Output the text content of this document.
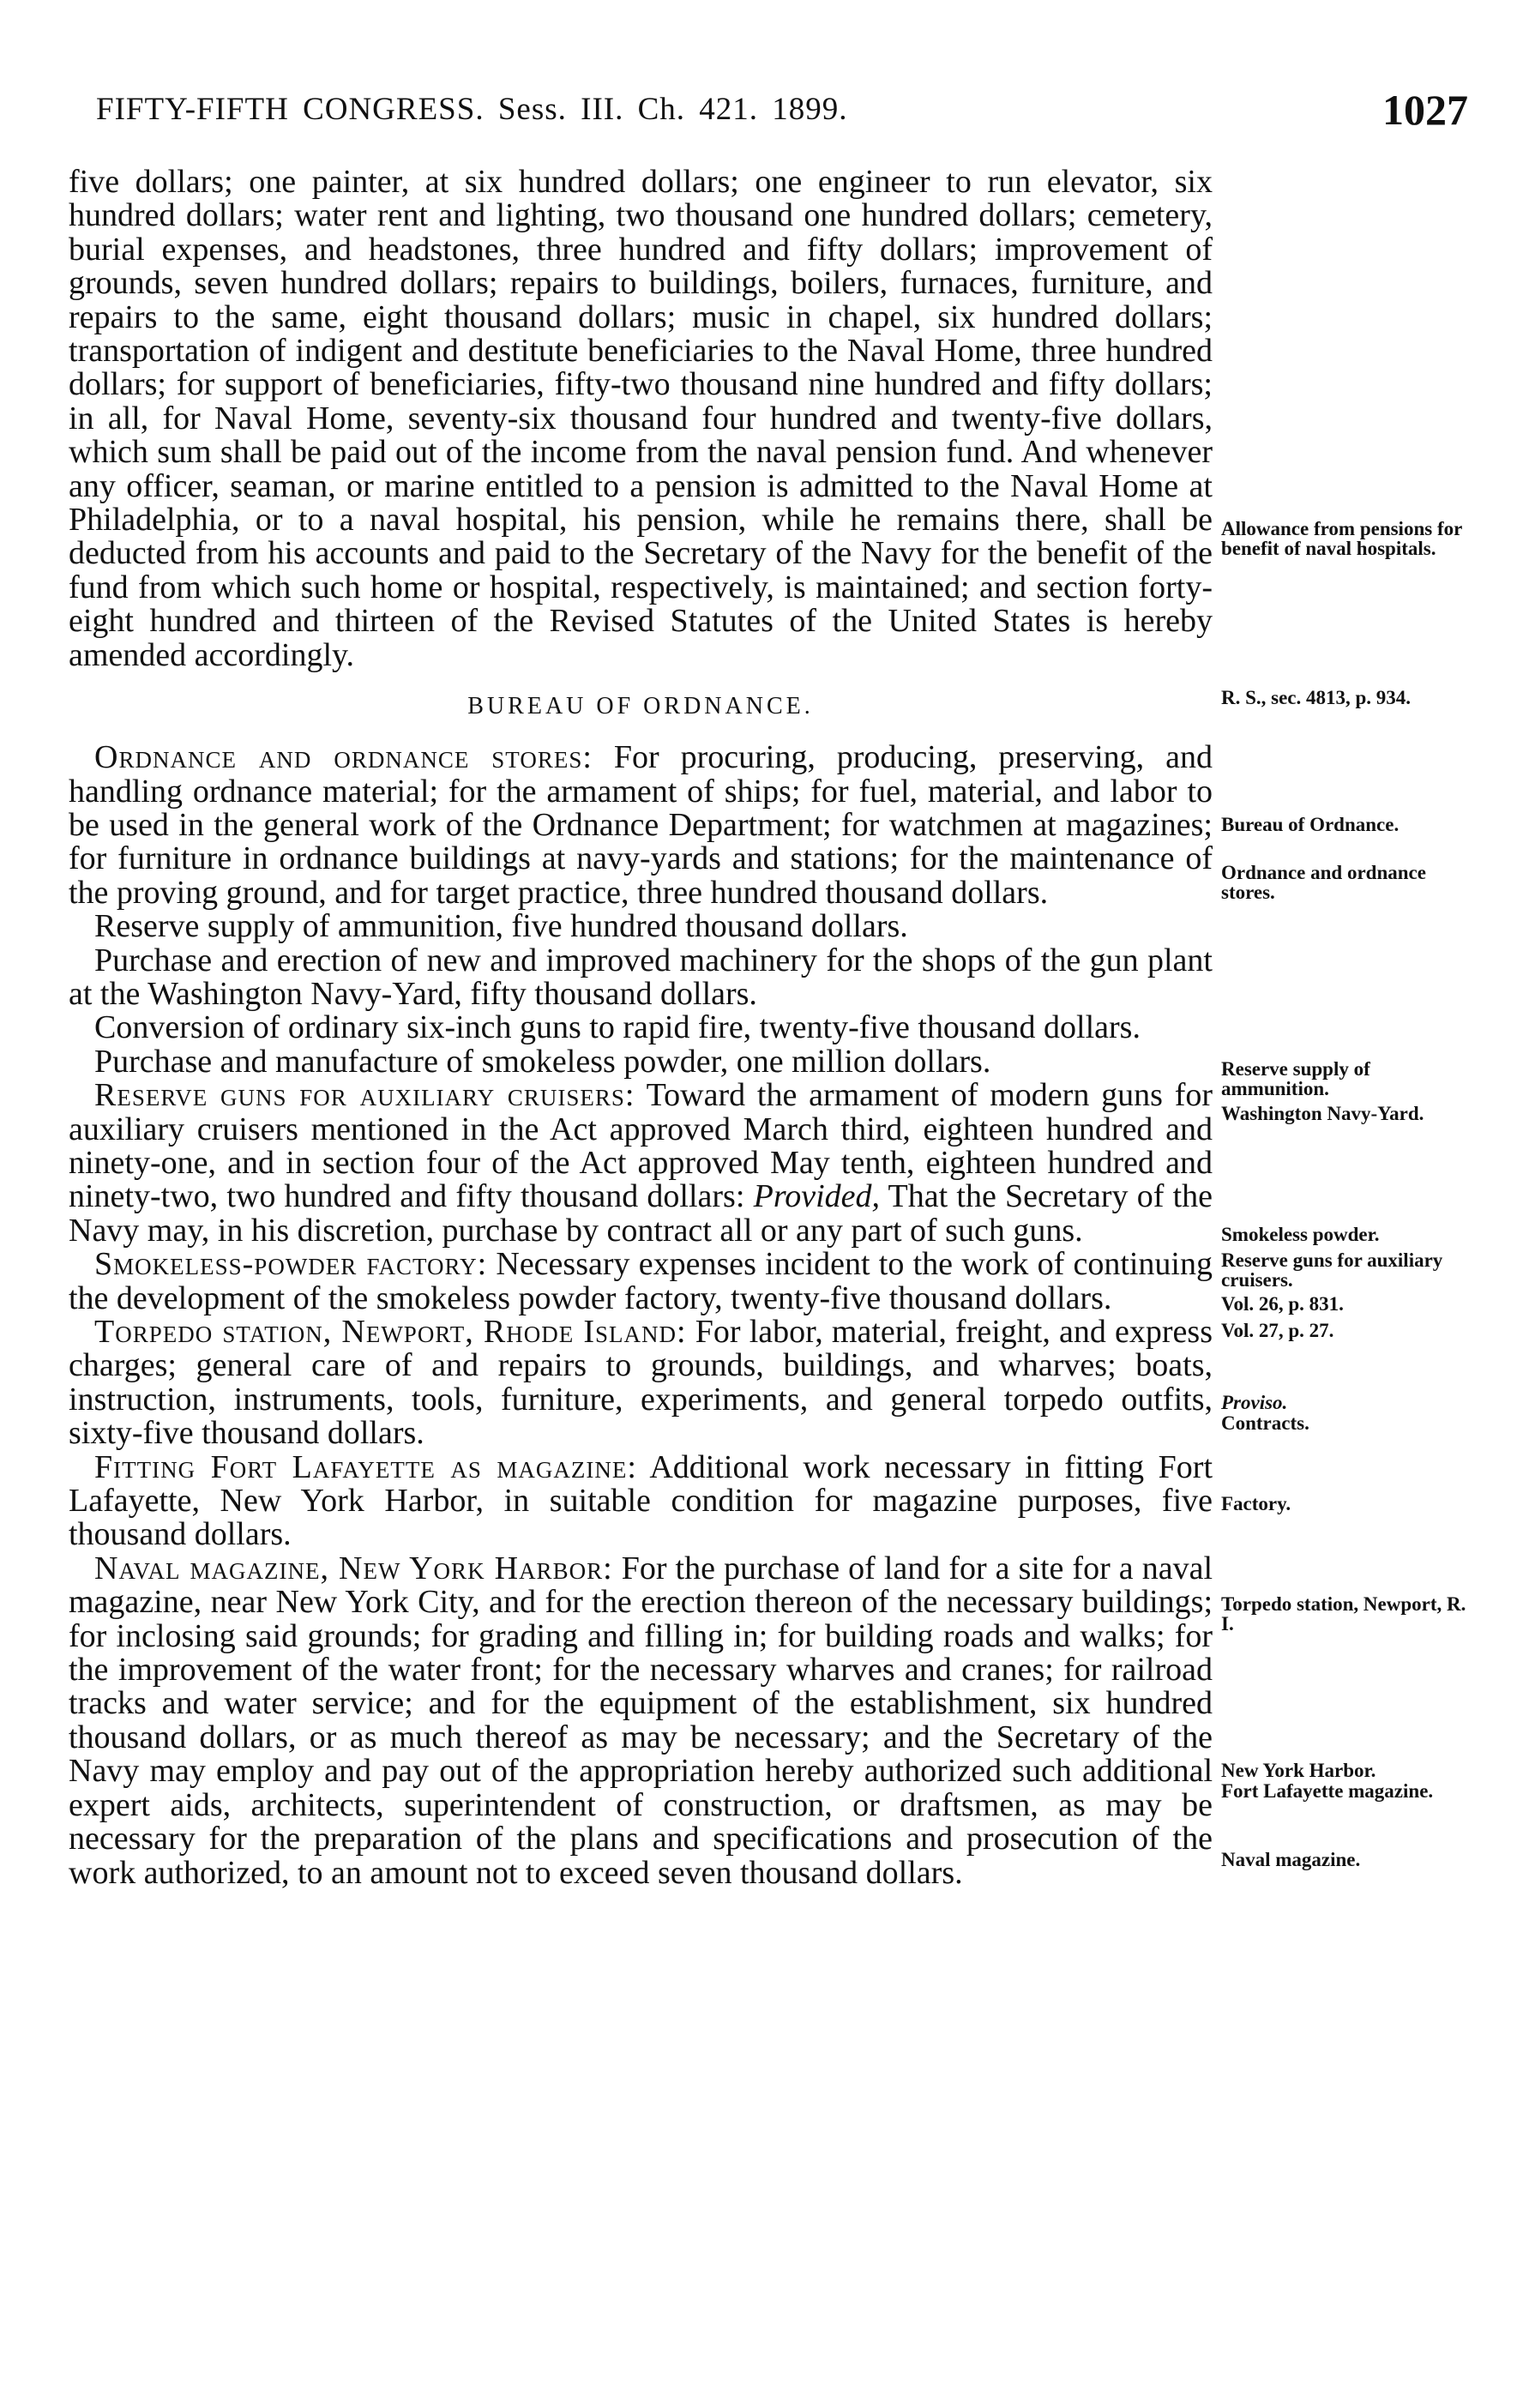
FIFTY-FIFTH CONGRESS. Sess. III. Ch. 421. 1899.	1027

five dollars; one painter, at six hundred dollars; one engineer to run elevator, six hundred dollars; water rent and lighting, two thousand one hundred dollars; cemetery, burial expenses, and headstones, three hundred and fifty dollars; improvement of grounds, seven hundred dollars; repairs to buildings, boilers, furnaces, furniture, and repairs to the same, eight thousand dollars; music in chapel, six hundred dollars; transportation of indigent and destitute beneficiaries to the Naval Home, three hundred dollars; for support of beneficiaries, fifty-two thousand nine hundred and fifty dollars; in all, for Naval Home, seventy-six thousand four hundred and twenty-five dollars, which sum shall be paid out of the income from the naval pension fund. And whenever any officer, seaman, or marine entitled to a pension is admitted to the Naval Home at Philadelphia, or to a naval hospital, his pension, while he remains there, shall be deducted from his accounts and paid to the Secretary of the Navy for the benefit of the fund from which such home or hospital, respectively, is maintained; and section forty-eight hundred and thirteen of the Revised Statutes of the United States is hereby amended accordingly.

BUREAU OF ORDNANCE.

Ordnance and ordnance stores: For procuring, producing, preserving, and handling ordnance material; for the armament of ships; for fuel, material, and labor to be used in the general work of the Ordnance Department; for watchmen at magazines; for furniture in ordnance buildings at navy-yards and stations; for the maintenance of the proving ground, and for target practice, three hundred thousand dollars.

Reserve supply of ammunition, five hundred thousand dollars.

Purchase and erection of new and improved machinery for the shops of the gun plant at the Washington Navy-Yard, fifty thousand dollars.

Conversion of ordinary six-inch guns to rapid fire, twenty-five thousand dollars.

Purchase and manufacture of smokeless powder, one million dollars.

Reserve guns for auxiliary cruisers: Toward the armament of modern guns for auxiliary cruisers mentioned in the Act approved March third, eighteen hundred and ninety-one, and in section four of the Act approved May tenth, eighteen hundred and ninety-two, two hundred and fifty thousand dollars: Provided, That the Secretary of the Navy may, in his discretion, purchase by contract all or any part of such guns.

Smokeless-powder factory: Necessary expenses incident to the work of continuing the development of the smokeless powder factory, twenty-five thousand dollars.

Torpedo station, Newport, Rhode Island: For labor, material, freight, and express charges; general care of and repairs to grounds, buildings, and wharves; boats, instruction, instruments, tools, furniture, experiments, and general torpedo outfits, sixty-five thousand dollars.

Fitting Fort Lafayette as magazine: Additional work necessary in fitting Fort Lafayette, New York Harbor, in suitable condition for magazine purposes, five thousand dollars.

Naval magazine, New York Harbor: For the purchase of land for a site for a naval magazine, near New York City, and for the erection thereon of the necessary buildings; for inclosing said grounds; for grading and filling in; for building roads and walks; for the improvement of the water front; for the necessary wharves and cranes; for railroad tracks and water service; and for the equipment of the establishment, six hundred thousand dollars, or as much thereof as may be necessary; and the Secretary of the Navy may employ and pay out of the appropriation hereby authorized such additional expert aids, architects, superintendent of construction, or draftsmen, as may be necessary for the preparation of the plans and specifications and prosecution of the work authorized, to an amount not to exceed seven thousand dollars.

Allowance from pensions for benefit of naval hospitals.
R. S., sec. 4813, p. 934.
Bureau of Ordnance.
Ordnance and ordnance stores.
Reserve supply of ammunition.
Washington Navy-Yard.
Smokeless powder.
Reserve guns for auxiliary cruisers.
Vol. 26, p. 831.
Vol. 27, p. 27.
Proviso.
Contracts.
Factory.
Torpedo station, Newport, R. I.
New York Harbor.
Fort Lafayette magazine.
Naval magazine.
